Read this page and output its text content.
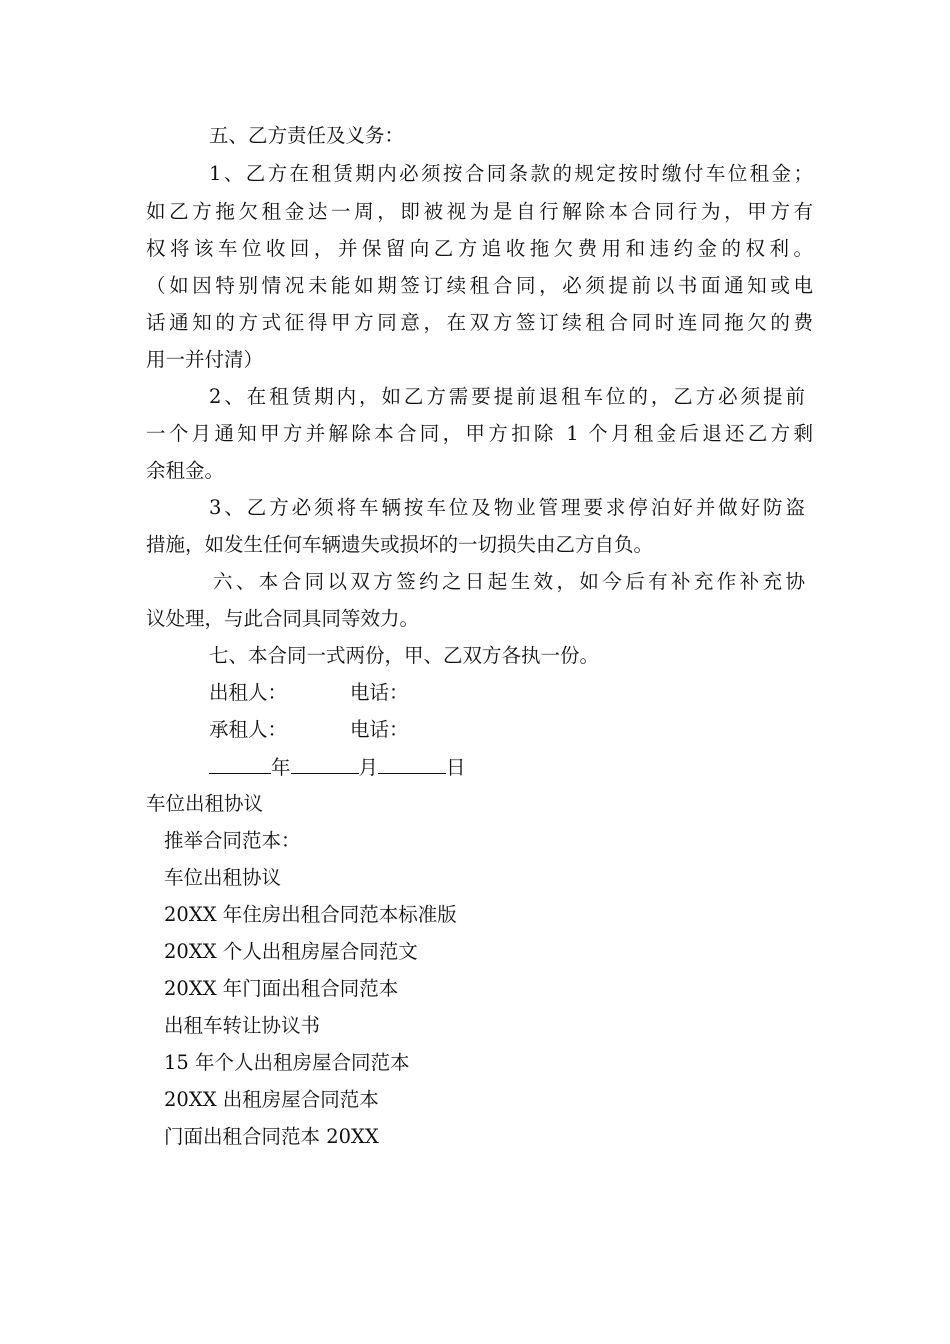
五、乙方责任及义务：
1、乙方在租赁期内必须按合同条款的规定按时缴付车位租金；
如乙方拖欠租金达一周，即被视为是自行解除本合同行为，甲方有
权将该车位收回，并保留向乙方追收拖欠费用和违约金的权利。
（如因特别情况未能如期签订续租合同，必须提前以书面通知或电
话通知的方式征得甲方同意，在双方签订续租合同时连同拖欠的费
用一并付清）
2、在租赁期内，如乙方需要提前退租车位的，乙方必须提前
一个月通知甲方并解除本合同，甲方扣除 1 个月租金后退还乙方剩
余租金。
3、乙方必须将车辆按车位及物业管理要求停泊好并做好防盗
措施，如发生任何车辆遗失或损坏的一切损失由乙方自负。
六、本合同以双方签约之日起生效，如今后有补充作补充协
议处理，与此合同具同等效力。
七、本合同一式两份，甲、乙双方各执一份。
出租人：	电话：
承租人：	电话：
年	月	日
车位出租协议
推举合同范本：
车位出租协议
20XX 年住房出租合同范本标准版
20XX 个人出租房屋合同范文
20XX 年门面出租合同范本
出租车转让协议书
15 年个人出租房屋合同范本
20XX 出租房屋合同范本
门面出租合同范本 20XX
